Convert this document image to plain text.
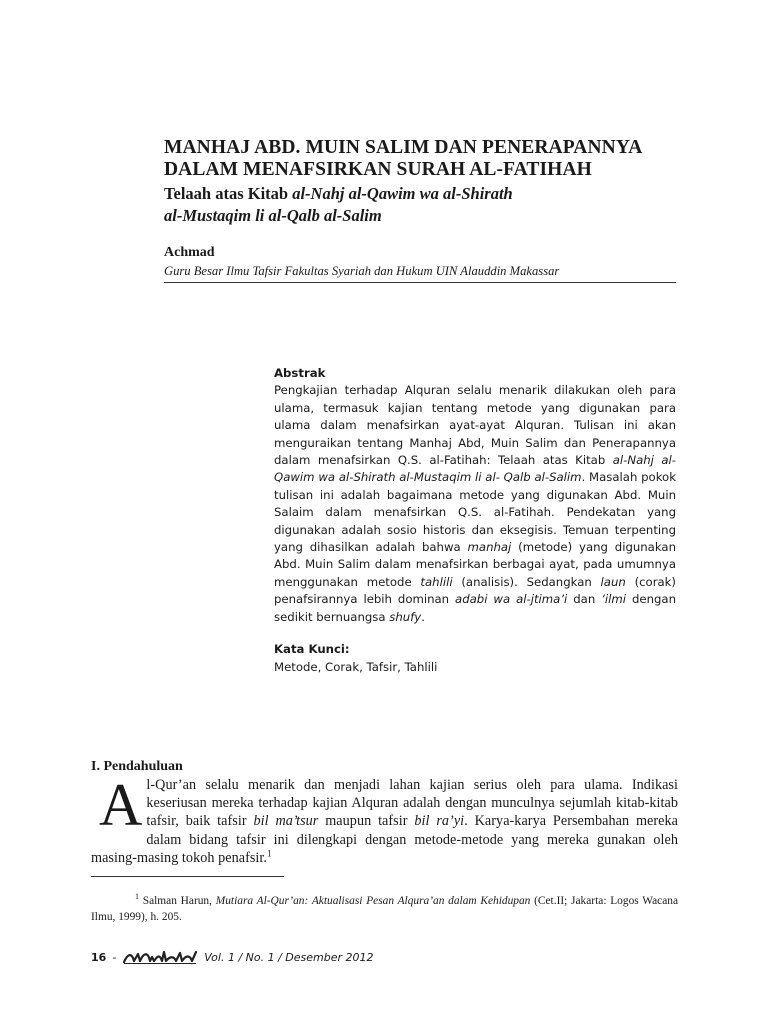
MANHAJ ABD. MUIN SALIM DAN PENERAPANNYA
DALAM MENAFSIRKAN SURAH AL-FATIHAH
Telaah atas Kitab al-Nahj al-Qawim wa al-Shirath
al-Mustaqim li al-Qalb al-Salim
Achmad
Guru Besar Ilmu Tafsir Fakultas Syariah dan Hukum UIN Alauddin Makassar
Abstrak

Pengkajian terhadap Alquran selalu menarik dilakukan oleh para ulama, termasuk kajian tentang metode yang digunakan para ulama dalam menafsirkan ayat-ayat Alquran. Tulisan ini akan menguraikan tentang Manhaj Abd, Muin Salim dan Penerapannya dalam menafsirkan Q.S. al-Fatihah: Telaah atas Kitab al-Nahj al-Qawim wa al-Shirath al-Mustaqim li al- Qalb al-Salim. Masalah pokok tulisan ini adalah bagaimana metode yang digunakan Abd. Muin Salaim dalam menafsirkan Q.S. al-Fatihah. Pendekatan yang digunakan adalah sosio historis dan eksegisis. Temuan terpenting yang dihasilkan adalah bahwa manhaj (metode) yang digunakan Abd. Muin Salim dalam menafsirkan berbagai ayat, pada umumnya menggunakan metode tahlili (analisis). Sedangkan laun (corak) penafsirannya lebih dominan adabi wa al-jtima’i dan ‘ilmi dengan sedikit bernuangsa shufy.

Kata Kunci:
Metode, Corak, Tafsir, Tahlili
I. Pendahuluan

Al-Qur’an selalu menarik dan menjadi lahan kajian serius oleh para ulama. Indikasi keseriusan mereka terhadap kajian Alquran adalah dengan munculnya sejumlah kitab-kitab tafsir, baik tafsir bil ma’tsur maupun tafsir bil ra’yi. Karya-karya Persembahan mereka dalam bidang tafsir ini dilengkapi dengan metode-metode yang mereka gunakan oleh masing-masing tokoh penafsir.$^1$

$^1$ Salman Harun, Mutiara Al-Qur’an: Aktualisasi Pesan Alqura’an dalam Kehidupan (Cet.II; Jakarta: Logos Wacana Ilmu, 1999), h. 205.
16 -	Vol. 1 / No. 1 / Desember 2012
